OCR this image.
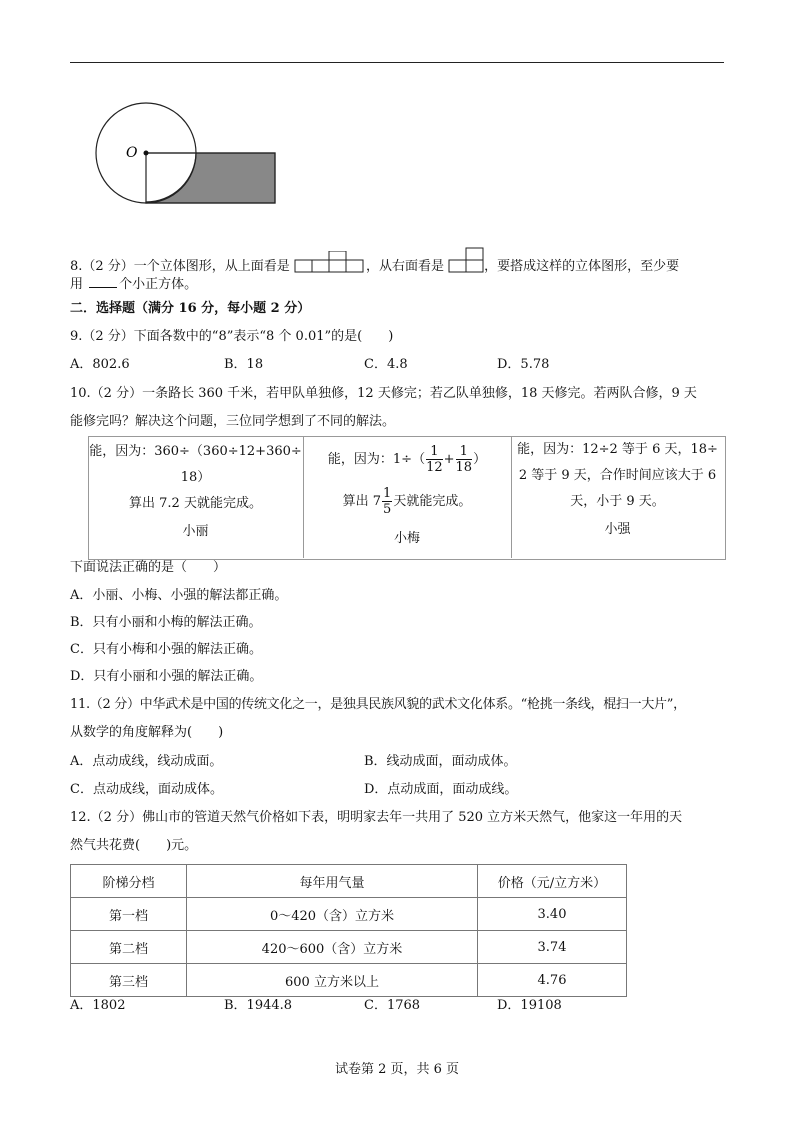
O
8.（2 分）一个立体图形，从上面看是	，从右面看是	，要搭成这样的立体图形，至少要
用	个小正方体。
二．选择题（满分 16 分，每小题 2 分）
9.（2 分）下面各数中的“8”表示“8 个 0.01”的是(　　)
A．802.6	B．18	C．4.8	D．5.78
10.（2 分）一条路长 360 千米，若甲队单独修，12 天修完；若乙队单独修，18 天修完。若两队合修，9 天
能修完吗？解决这个问题，三位同学想到了不同的解法。
能，因为：360÷（360÷12+360÷
18）
算出 7.2 天就能完成。
小丽
能，因为：$1\div( \frac{1}{12} + \frac{1}{18}$ ）
算出 $7 \frac{1}{5}$ 天就能完成。
小梅
能，因为：12÷2 等于 6 天，18÷
2 等于 9 天，合作时间应该大于 6
天，小于 9 天。
小强
下面说法正确的是（　　）
A．小丽、小梅、小强的解法都正确。
B．只有小丽和小梅的解法正确。
C．只有小梅和小强的解法正确。
D．只有小丽和小强的解法正确。
11.（2 分）中华武术是中国的传统文化之一，是独具民族风貌的武术文化体系。“枪挑一条线，棍扫一大片”，
从数学的角度解释为(　　)
A．点动成线，线动成面。	B．线动成面，面动成体。
C．点动成线，面动成体。	D．点动成面，面动成线。
12.（2 分）佛山市的管道天然气价格如下表，明明家去年一共用了 520 立方米天然气，他家这一年用的天
然气共花费(　　)元。
阶梯分档	每年用气量	价格（元/立方米）
第一档	0～420（含）立方米	3.40
第二档	420～600（含）立方米	3.74
第三档	600 立方米以上	4.76
A．1802	B．1944.8	C．1768	D．19108
试卷第 2 页，共 6 页
